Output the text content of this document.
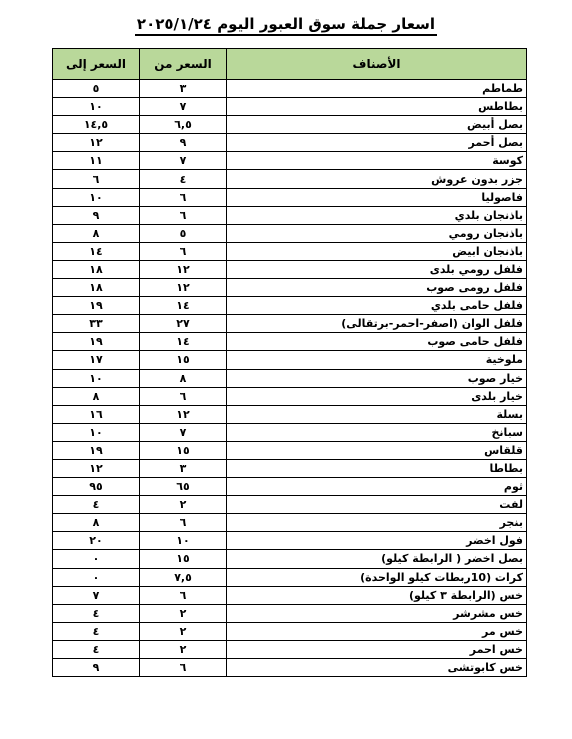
اسعار جملة سوق العبور اليوم ٢٠٢٥/١/٢٤
الأصناف	السعر من	السعر إلى
طماطم	٣	٥
بطاطس	٧	١٠
بصل أبيض	٦,٥	١٤,٥
بصل أحمر	٩	١٢
كوسة	٧	١١
جزر بدون عروش	٤	٦
فاصوليا	٦	١٠
باذنجان بلدي	٦	٩
باذنجان رومي	٥	٨
باذنجان ابيض	٦	١٤
فلفل رومي بلدى	١٢	١٨
فلفل رومى صوب	١٢	١٨
فلفل حامى بلدي	١٤	١٩
فلفل الوان (اصفر-احمر-برتقالى)	٢٧	٣٣
فلفل حامى صوب	١٤	١٩
ملوخية	١٥	١٧
خيار صوب	٨	١٠
خيار بلدى	٦	٨
بسلة	١٢	١٦
سبانخ	٧	١٠
قلقاس	١٥	١٩
بطاطا	٣	١٢
ثوم	٦٥	٩٥
لفت	٢	٤
بنجر	٦	٨
فول اخضر	١٠	٢٠
بصل اخضر ( الرابطة كيلو)	١٥	٠
كرات (10ربطات كيلو الواحدة)	٧,٥	٠
خس (الرابطة ٣ كيلو)	٦	٧
خس مشرشر	٢	٤
خس مر	٢	٤
خس احمر	٢	٤
خس كابوتشى	٦	٩
